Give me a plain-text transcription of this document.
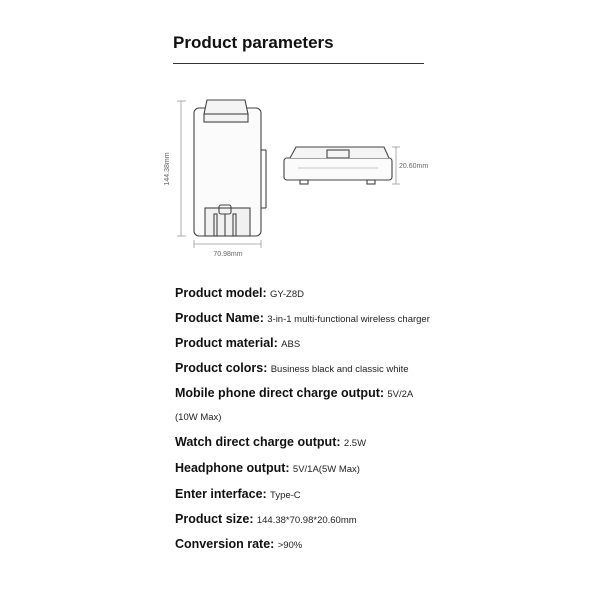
Product parameters
144.38mm
70.98mm
20.60mm
Product model: GY-Z8D
Product Name: 3-in-1 multi-functional wireless charger
Product material: ABS
Product colors: Business black and classic white
Mobile phone direct charge output: 5V/2A
(10W Max)
Watch direct charge output: 2.5W
Headphone output: 5V/1A(5W Max)
Enter interface: Type-C
Product size: 144.38*70.98*20.60mm
Conversion rate: >90%
